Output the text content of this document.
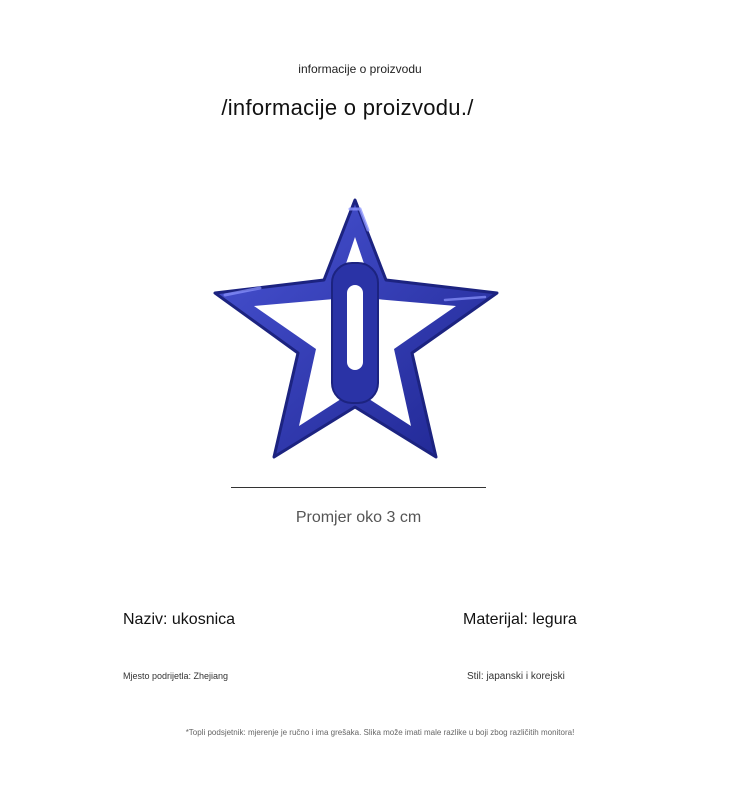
informacije o proizvodu
/informacije o proizvodu./
Promjer oko 3 cm
Naziv: ukosnica	Materijal: legura
Mjesto podrijetla: Zhejiang	Stil: japanski i korejski
*Topli podsjetnik: mjerenje je ručno i ima grešaka. Slika može imati male razlike u boji zbog različitih monitora!
